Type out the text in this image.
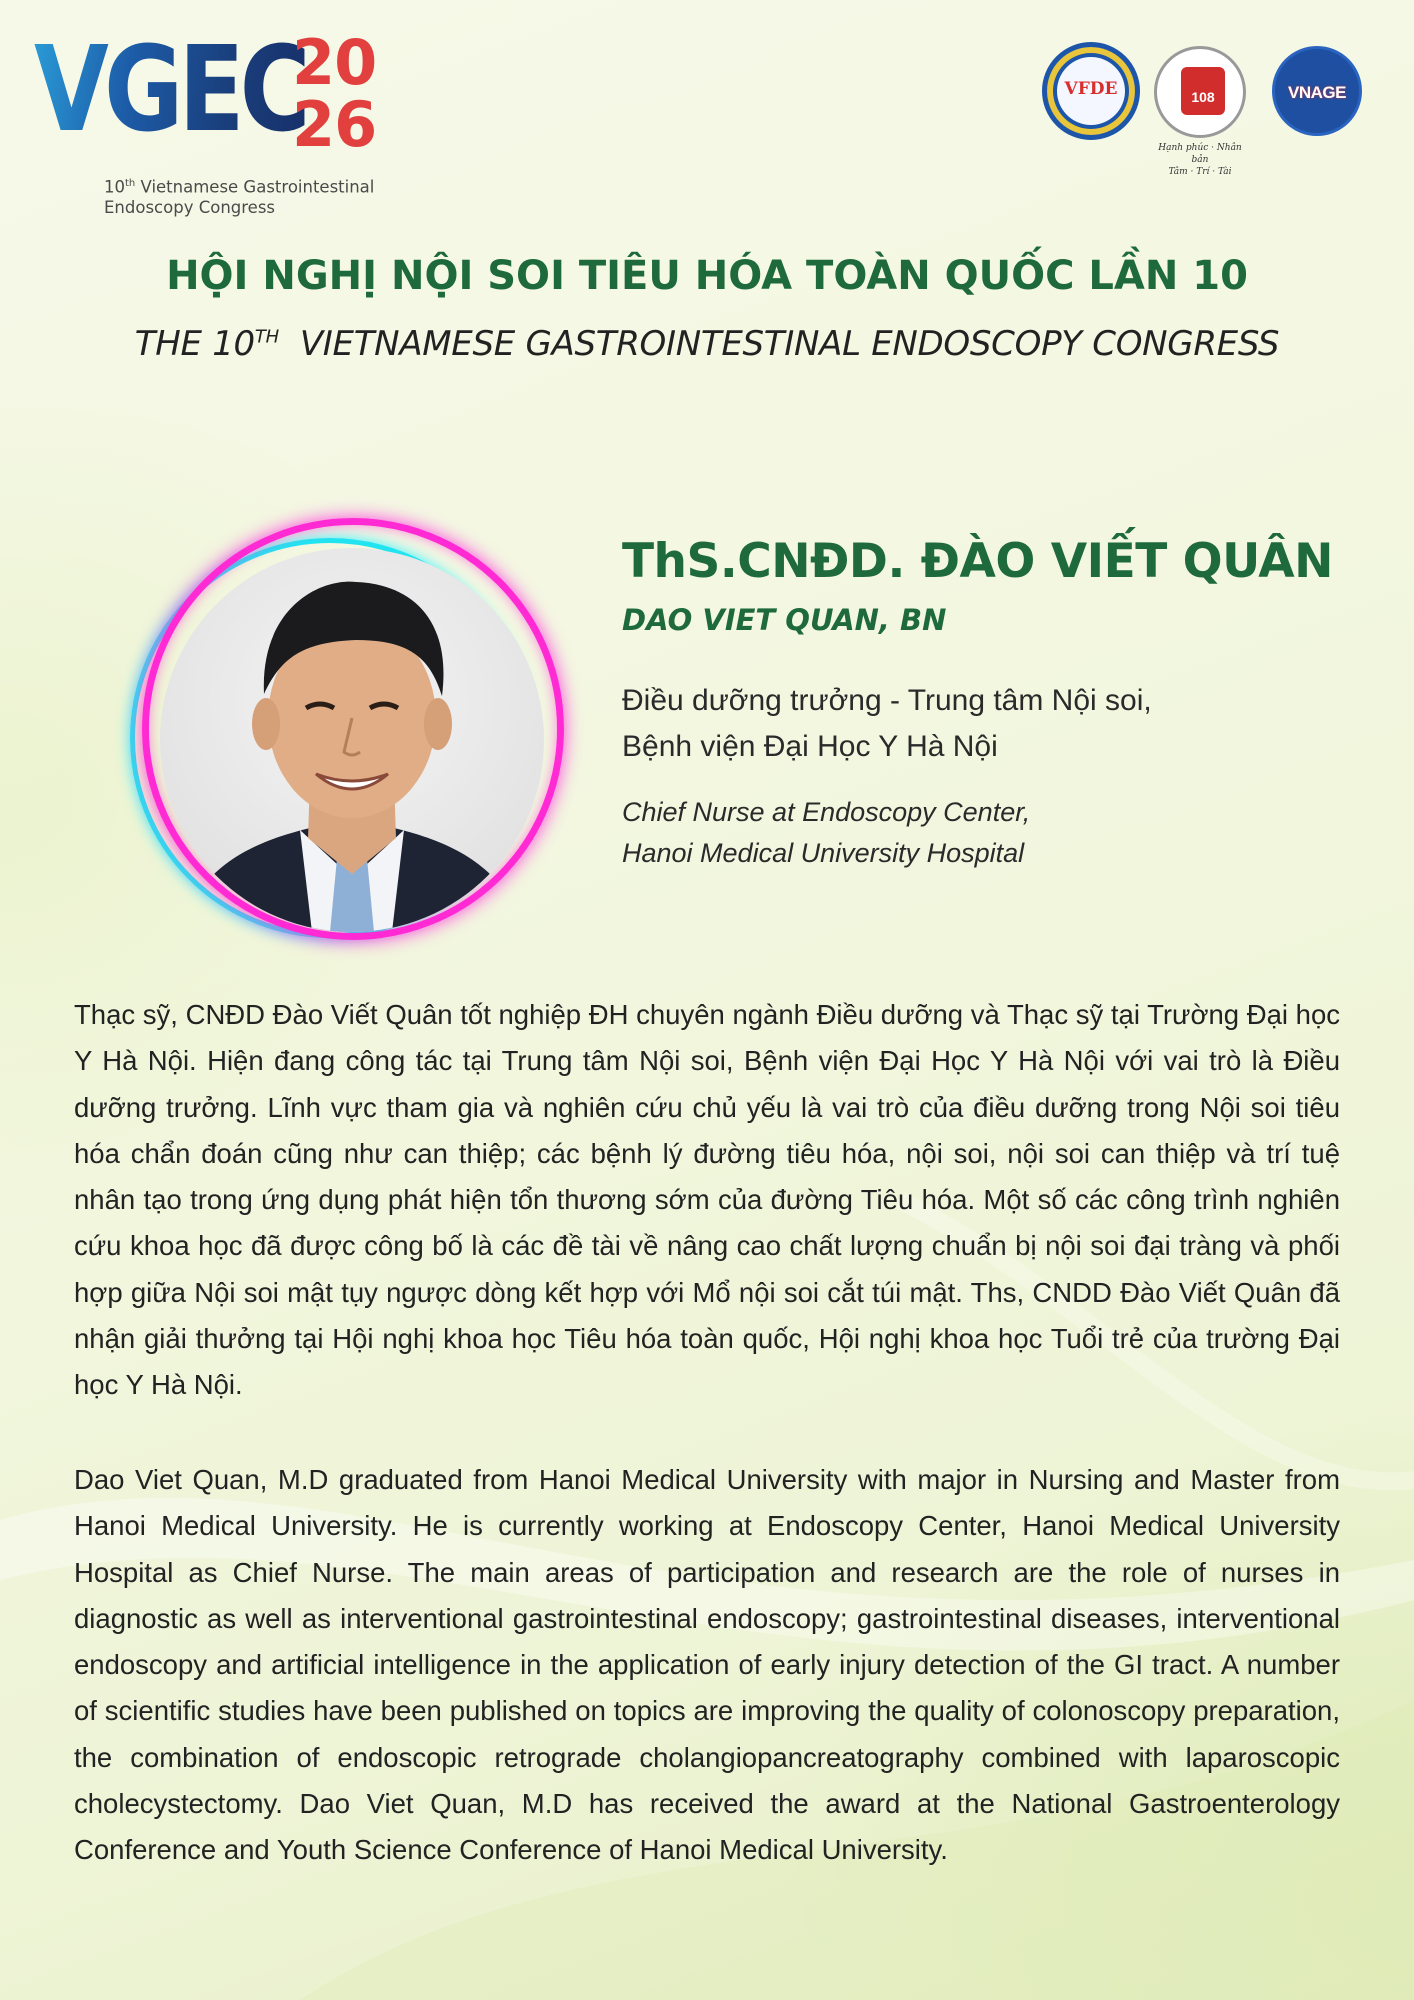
VGEC
20
26
10th Vietnamese Gastrointestinal
Endoscopy Congress
VFDE	108
Hạnh phúc · Nhân bản
Tâm · Trí · Tài
VNAGE
HỘI NGHỊ NỘI SOI TIÊU HÓA TOÀN QUỐC LẦN 10
THE 10TH VIETNAMESE GASTROINTESTINAL ENDOSCOPY CONGRESS
ThS.CNĐD. ĐÀO VIẾT QUÂN
DAO VIET QUAN, BN
Điều dưỡng trưởng - Trung tâm Nội soi,
Bệnh viện Đại Học Y Hà Nội
Chief Nurse at Endoscopy Center,
Hanoi Medical University Hospital

Thạc sỹ, CNĐD Đào Viết Quân tốt nghiệp ĐH chuyên ngành Điều dưỡng và Thạc sỹ tại Trường Đại học Y Hà Nội. Hiện đang công tác tại Trung tâm Nội soi, Bệnh viện Đại Học Y Hà Nội với vai trò là Điều dưỡng trưởng. Lĩnh vực tham gia và nghiên cứu chủ yếu là vai trò của điều dưỡng trong Nội soi tiêu hóa chẩn đoán cũng như can thiệp; các bệnh lý đường tiêu hóa, nội soi, nội soi can thiệp và trí tuệ nhân tạo trong ứng dụng phát hiện tổn thương sớm của đường Tiêu hóa. Một số các công trình nghiên cứu khoa học đã được công bố là các đề tài về nâng cao chất lượng chuẩn bị nội soi đại tràng và phối hợp giữa Nội soi mật tụy ngược dòng kết hợp với Mổ nội soi cắt túi mật. Ths, CNDD Đào Viết Quân đã nhận giải thưởng tại Hội nghị khoa học Tiêu hóa toàn quốc, Hội nghị khoa học Tuổi trẻ của trường Đại học Y Hà Nội.

Dao Viet Quan, M.D graduated from Hanoi Medical University with major in Nursing and Master from Hanoi Medical University. He is currently working at Endoscopy Center, Hanoi Medical University Hospital as Chief Nurse. The main areas of participation and research are the role of nurses in diagnostic as well as interventional gastrointestinal endoscopy; gastrointestinal diseases, interventional endoscopy and artificial intelligence in the application of early injury detection of the GI tract. A number of scientific studies have been published on topics are improving the quality of colonoscopy preparation, the combination of endoscopic retrograde cholangiopancreatography combined with laparoscopic cholecystectomy. Dao Viet Quan, M.D has received the award at the National Gastroenterology Conference and Youth Science Conference of Hanoi Medical University.
